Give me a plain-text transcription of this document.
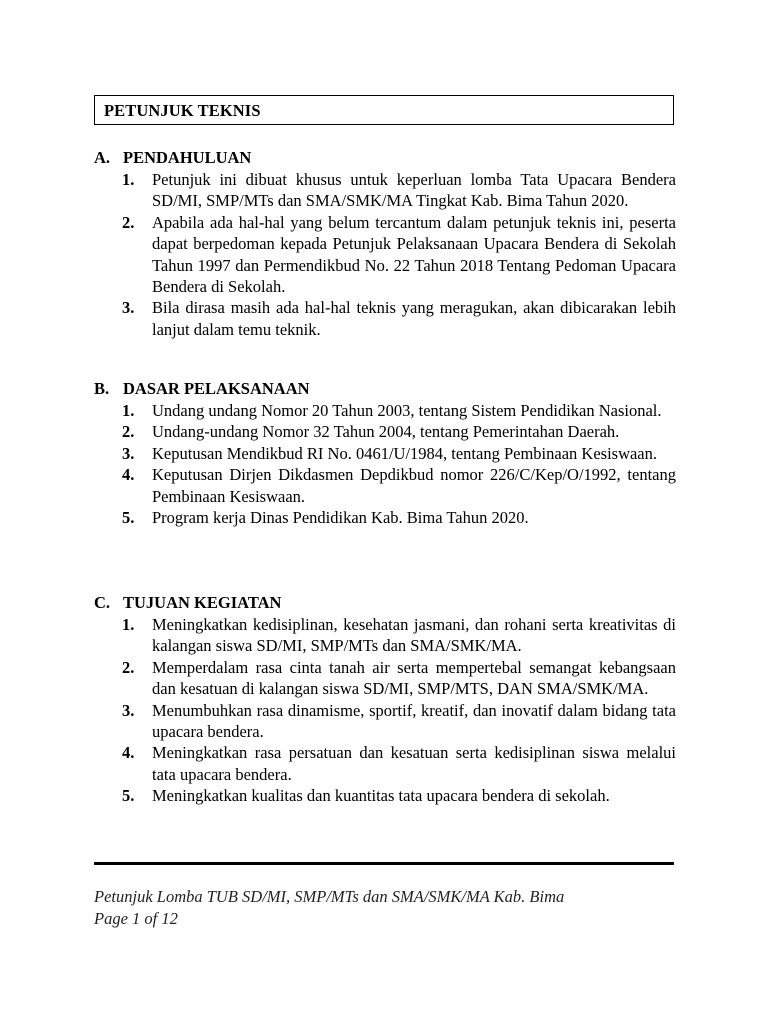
PETUNJUK TEKNIS
A. PENDAHULUAN
1. Petunjuk ini dibuat khusus untuk keperluan lomba Tata Upacara Bendera SD/MI, SMP/MTs dan SMA/SMK/MA Tingkat Kab. Bima Tahun 2020.
2. Apabila ada hal-hal yang belum tercantum dalam petunjuk teknis ini, peserta dapat berpedoman kepada Petunjuk Pelaksanaan Upacara Bendera di Sekolah Tahun 1997 dan Permendikbud No. 22 Tahun 2018 Tentang Pedoman Upacara Bendera di Sekolah.
3. Bila dirasa masih ada hal-hal teknis yang meragukan, akan dibicarakan lebih lanjut dalam temu teknik.
B. DASAR PELAKSANAAN
1. Undang undang Nomor 20 Tahun 2003, tentang Sistem Pendidikan Nasional.
2. Undang-undang Nomor 32 Tahun 2004, tentang Pemerintahan Daerah.
3. Keputusan Mendikbud RI No. 0461/U/1984, tentang Pembinaan Kesiswaan.
4. Keputusan Dirjen Dikdasmen Depdikbud nomor 226/C/Kep/O/1992, tentang Pembinaan Kesiswaan.
5. Program kerja Dinas Pendidikan Kab. Bima Tahun 2020.
C. TUJUAN KEGIATAN
1. Meningkatkan kedisiplinan, kesehatan jasmani, dan rohani serta kreativitas di kalangan siswa SD/MI, SMP/MTs dan SMA/SMK/MA.
2. Memperdalam rasa cinta tanah air serta mempertebal semangat kebangsaan dan kesatuan di kalangan siswa SD/MI, SMP/MTS, DAN SMA/SMK/MA.
3. Menumbuhkan rasa dinamisme, sportif, kreatif, dan inovatif dalam bidang tata upacara bendera.
4. Meningkatkan rasa persatuan dan kesatuan serta kedisiplinan siswa melalui tata upacara bendera.
5. Meningkatkan kualitas dan kuantitas tata upacara bendera di sekolah.
Petunjuk Lomba TUB SD/MI, SMP/MTs dan SMA/SMK/MA Kab. Bima
Page 1 of 12
